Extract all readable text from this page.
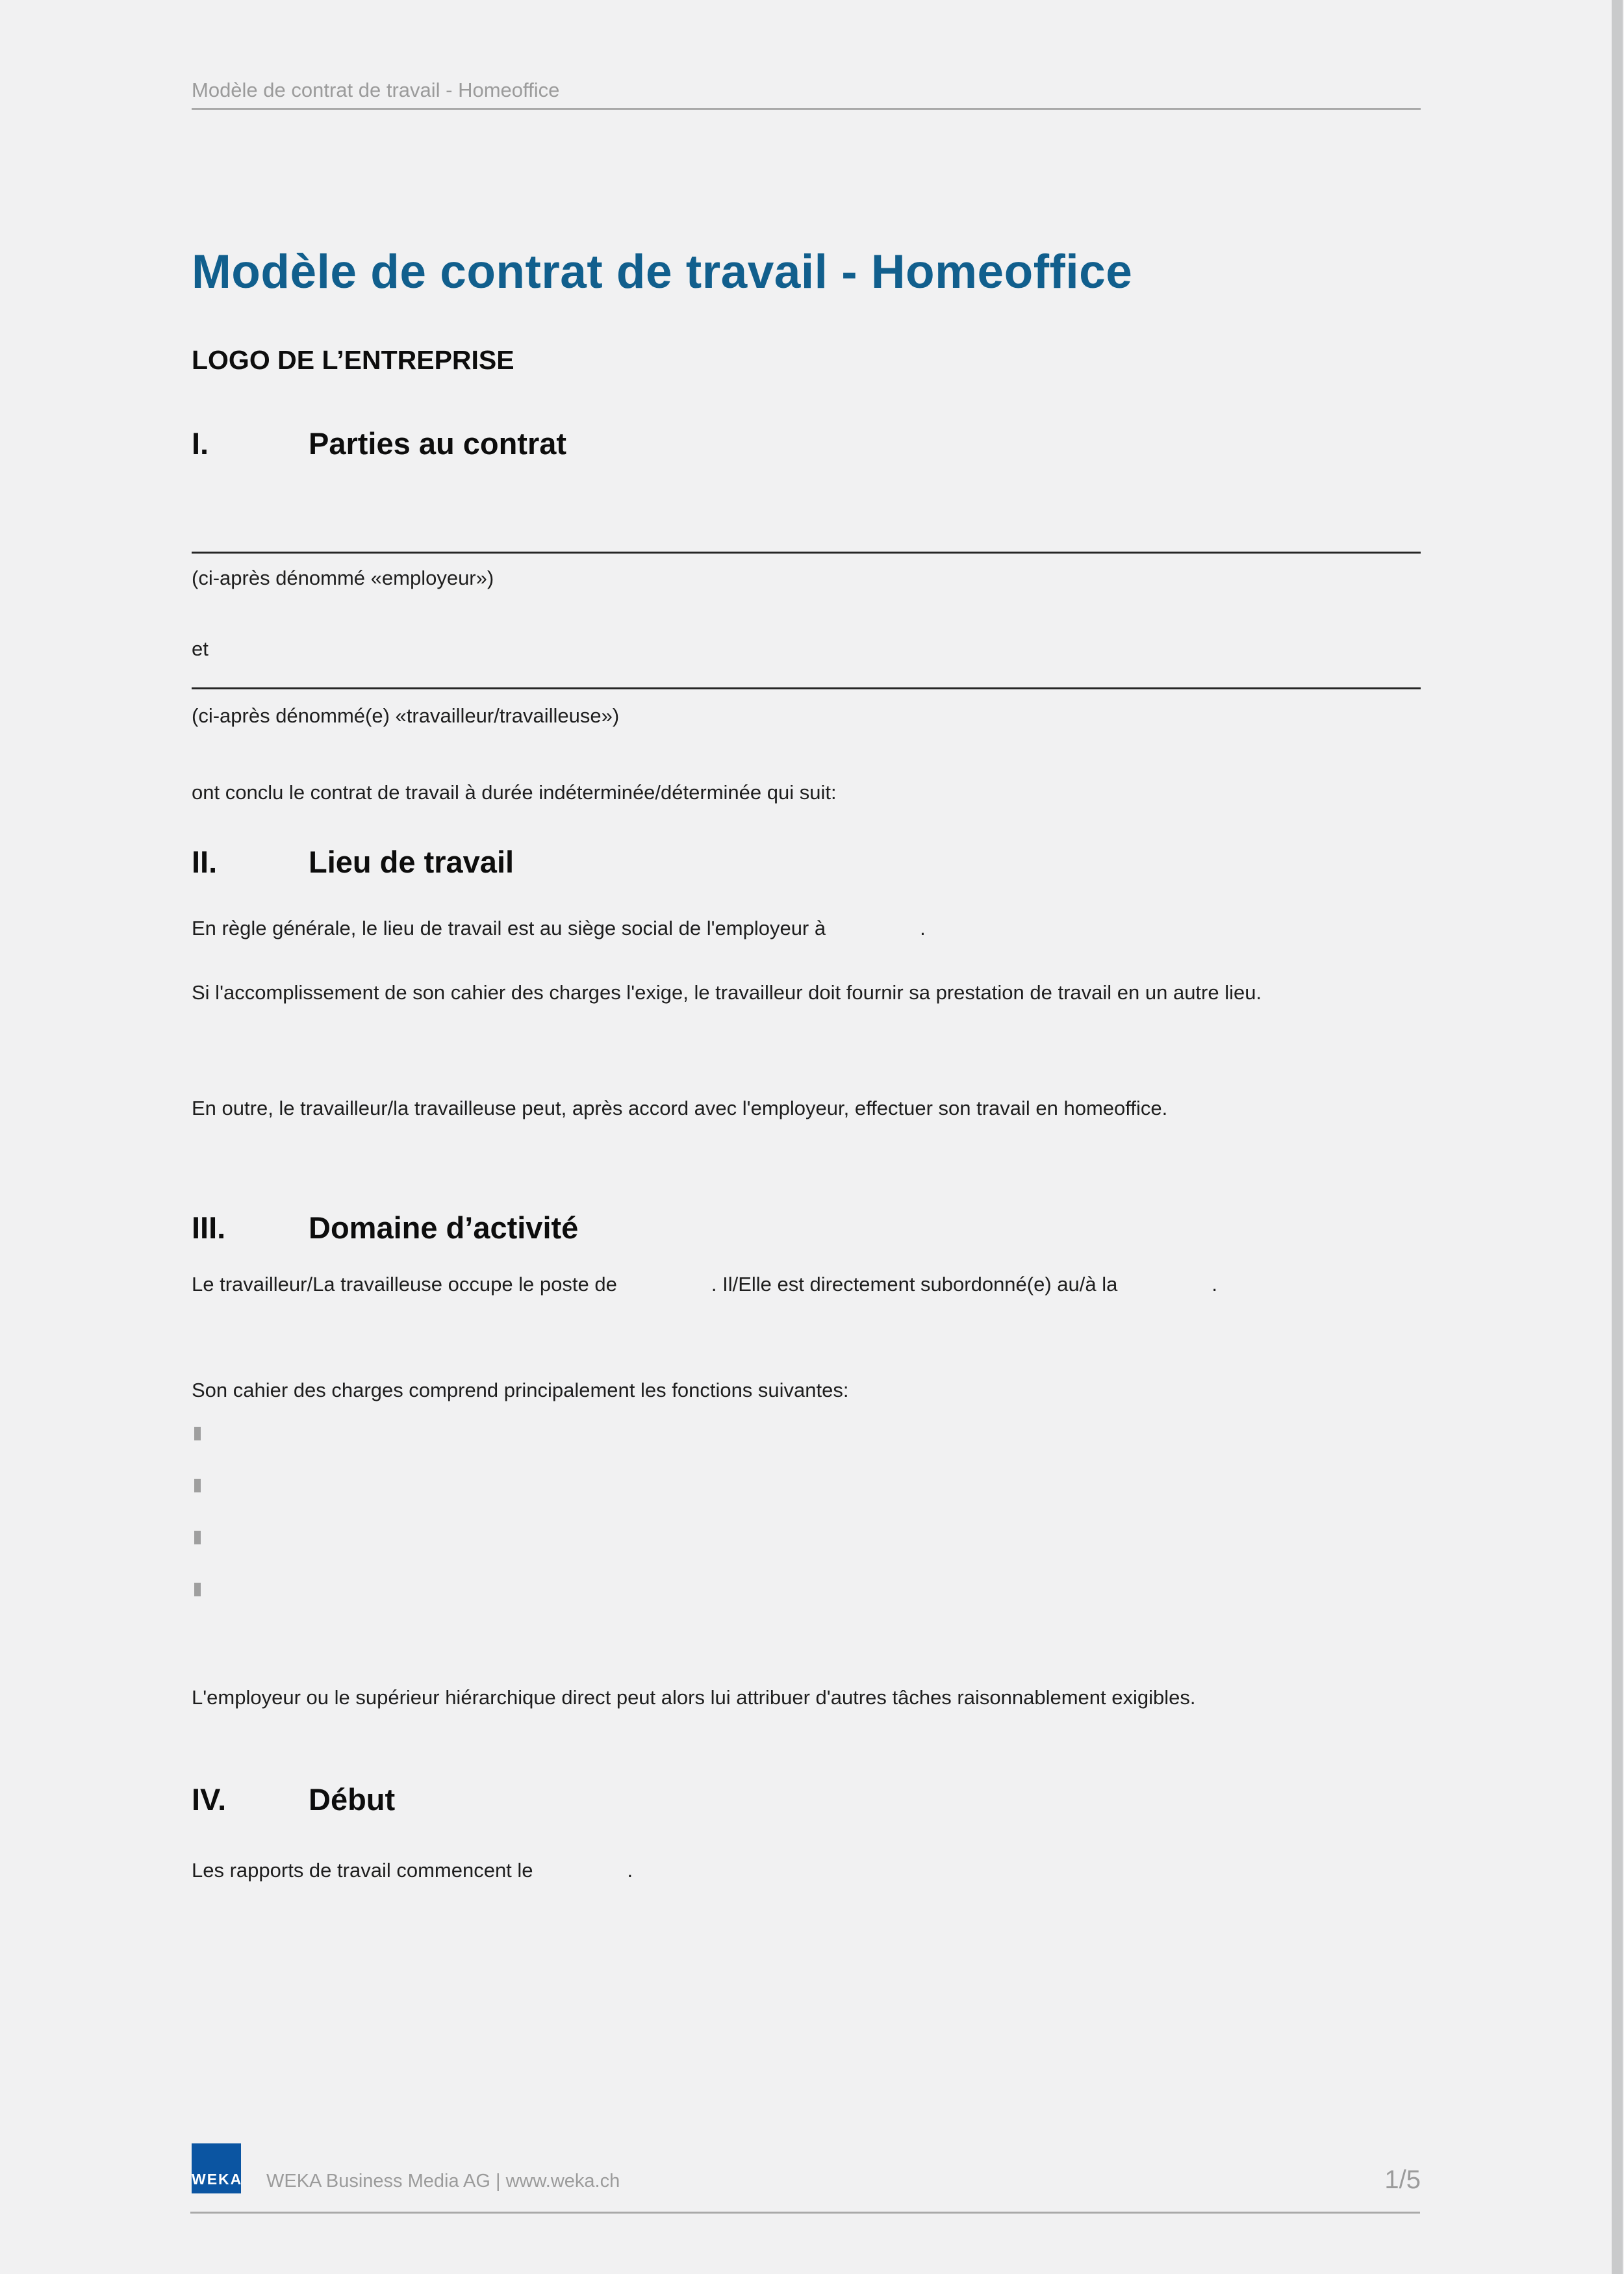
Modèle de contrat de travail - Homeoffice
Modèle de contrat de travail - Homeoffice
LOGO DE L’ENTREPRISE
I.	Parties au contrat

(ci-après dénommé «employeur»)

et

(ci-après dénommé(e) «travailleur/travailleuse»)

ont conclu le contrat de travail à durée indéterminée/déterminée qui suit:

II.	Lieu de travail

En règle générale, le lieu de travail est au siège social de l'employeur à	.

Si l'accomplissement de son cahier des charges l'exige, le travailleur doit fournir sa prestation de travail en un autre lieu.

En outre, le travailleur/la travailleuse peut, après accord avec l'employeur, effectuer son travail en homeoffice.

III.	Domaine d’activité

Le travailleur/La travailleuse occupe le poste de	. Il/Elle est directement subordonné(e) au/à la	.

Son cahier des charges comprend principalement les fonctions suivantes:

L'employeur ou le supérieur hiérarchique direct peut alors lui attribuer d'autres tâches raisonnablement exigibles.

IV.	Début

Les rapports de travail commencent le	.

WEKA WEKA Business Media AG | www.weka.ch	1/5
